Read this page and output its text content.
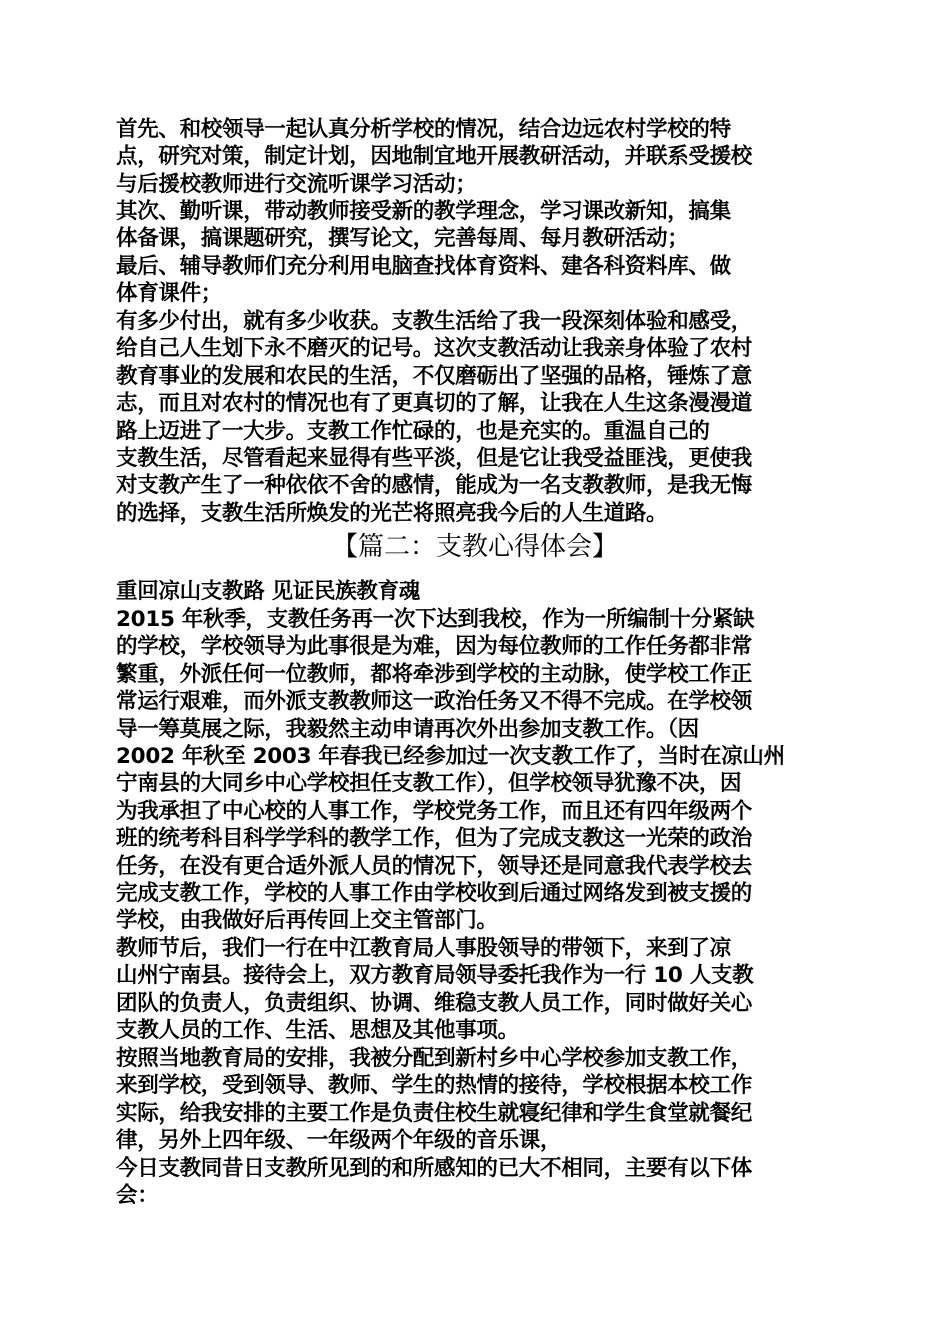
首先、和校领导一起认真分析学校的情况，结合边远农村学校的特
点，研究对策，制定计划，因地制宜地开展教研活动，并联系受援校
与后援校教师进行交流听课学习活动；

其次、勤听课，带动教师接受新的教学理念，学习课改新知，搞集
体备课，搞课题研究，撰写论文，完善每周、每月教研活动；

最后、辅导教师们充分利用电脑查找体育资料、建各科资料库、做
体育课件；

有多少付出，就有多少收获。支教生活给了我一段深刻体验和感受，
给自己人生划下永不磨灭的记号。这次支教活动让我亲身体验了农村
教育事业的发展和农民的生活，不仅磨砺出了坚强的品格，锤炼了意
志，而且对农村的情况也有了更真切的了解，让我在人生这条漫漫道
路上迈进了一大步。支教工作忙碌的，也是充实的。重温自己的
支教生活，尽管看起来显得有些平淡，但是它让我受益匪浅，更使我
对支教产生了一种依依不舍的感情，能成为一名支教教师，是我无悔
的选择，支教生活所焕发的光芒将照亮我今后的人生道路。

【篇二：支教心得体会】

重回凉山支教路 见证民族教育魂

2015 年秋季，支教任务再一次下达到我校，作为一所编制十分紧缺
的学校，学校领导为此事很是为难，因为每位教师的工作任务都非常
繁重，外派任何一位教师，都将牵涉到学校的主动脉，使学校工作正
常运行艰难，而外派支教教师这一政治任务又不得不完成。在学校领
导一筹莫展之际，我毅然主动申请再次外出参加支教工作。（因
2002 年秋至 2003 年春我已经参加过一次支教工作了，当时在凉山州
宁南县的大同乡中心学校担任支教工作），但学校领导犹豫不决，因
为我承担了中心校的人事工作，学校党务工作，而且还有四年级两个
班的统考科目科学学科的教学工作，但为了完成支教这一光荣的政治
任务，在没有更合适外派人员的情况下，领导还是同意我代表学校去
完成支教工作，学校的人事工作由学校收到后通过网络发到被支援的
学校，由我做好后再传回上交主管部门。

教师节后，我们一行在中江教育局人事股领导的带领下，来到了凉
山州宁南县。接待会上，双方教育局领导委托我作为一行 10 人支教
团队的负责人，负责组织、协调、维稳支教人员工作，同时做好关心
支教人员的工作、生活、思想及其他事项。

按照当地教育局的安排，我被分配到新村乡中心学校参加支教工作，
来到学校，受到领导、教师、学生的热情的接待，学校根据本校工作
实际，给我安排的主要工作是负责住校生就寝纪律和学生食堂就餐纪
律，另外上四年级、一年级两个年级的音乐课，

今日支教同昔日支教所见到的和所感知的已大不相同，主要有以下体
会：
